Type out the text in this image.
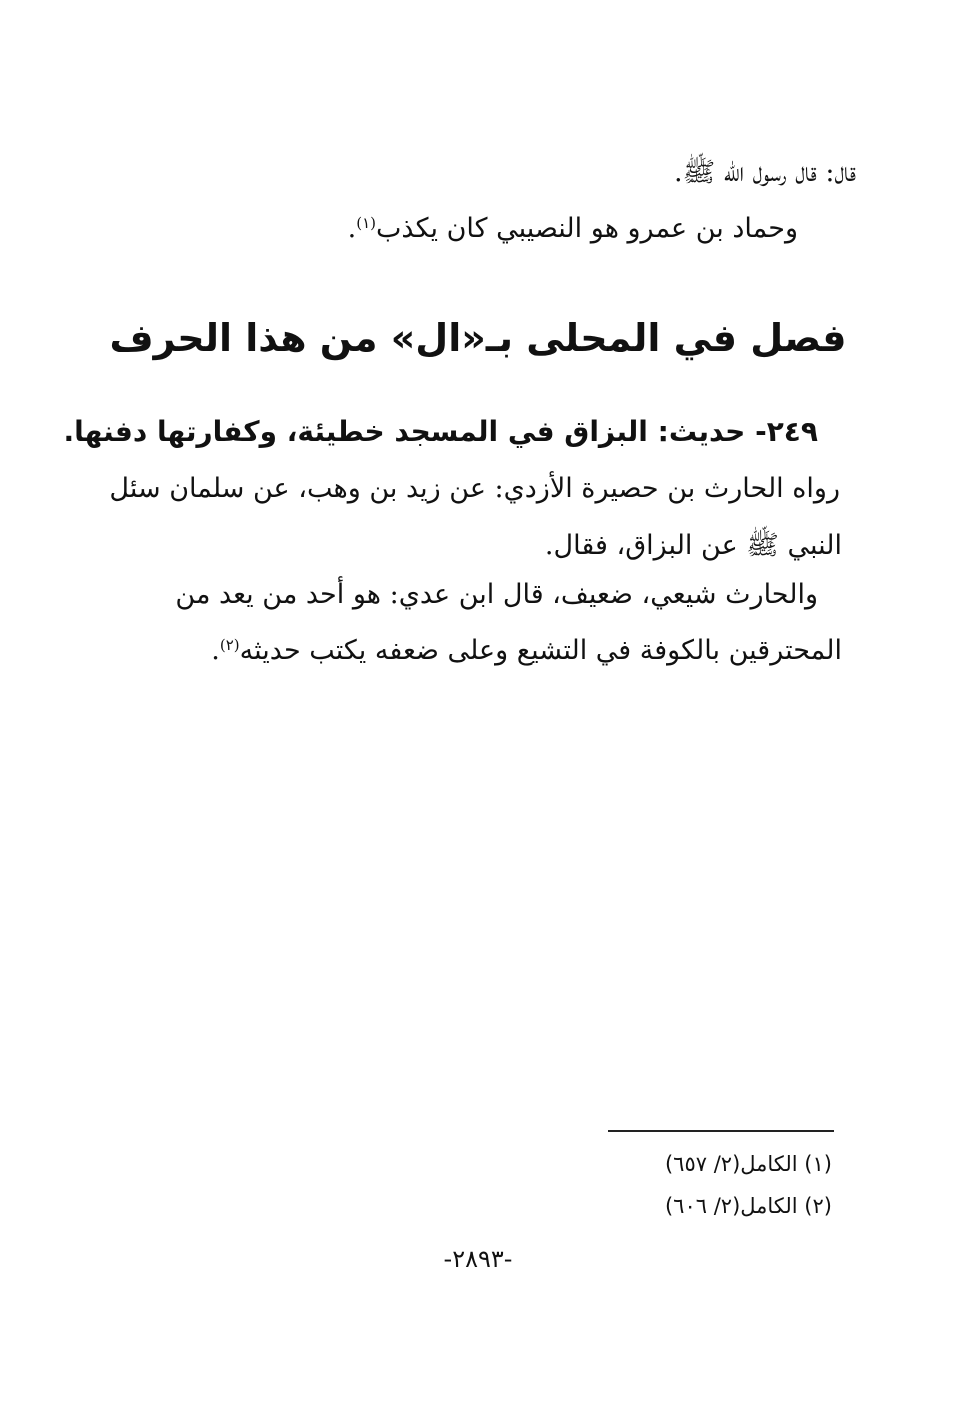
قال: قال رسول الله ﷺ.
وحماد بن عمرو هو النصيبي كان يكذب$^{(١)}$.
فصل في المحلى بـ«ال» من هذا الحرف
٢٤٩- حديث: البزاق في المسجد خطيئة، وكفارتها دفنها.
رواه الحارث بن حصيرة الأزدي: عن زيد بن وهب، عن سلمان سئل
النبي ﷺ عن البزاق، فقال.
والحارث شيعي، ضعيف، قال ابن عدي: هو أحد من يعد من
المحترقين بالكوفة في التشيع وعلى ضعفه يكتب حديثه$^{(٢)}$.
(١) الكامل(٢/ ٦٥٧)
(٢) الكامل(٢/ ٦٠٦)
-٢٨٩٣-
